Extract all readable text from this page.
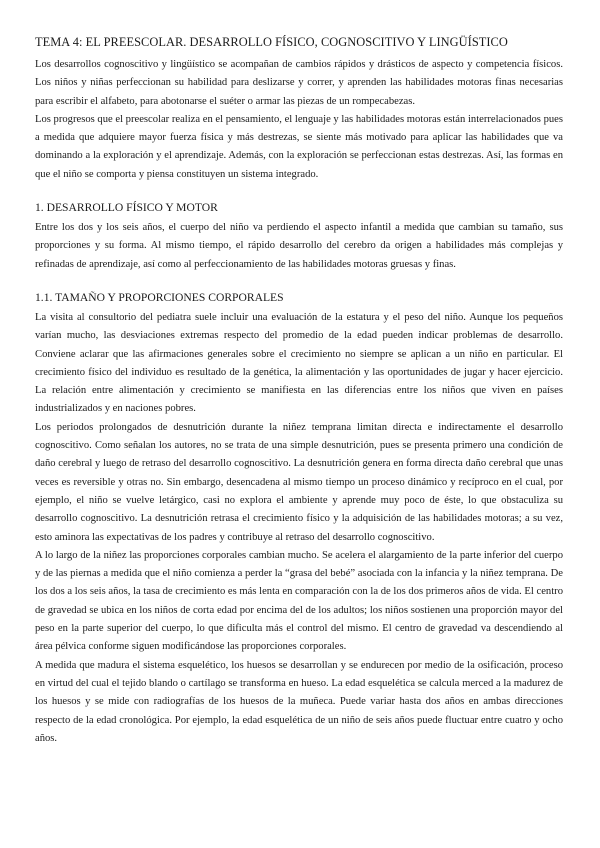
TEMA 4: EL PREESCOLAR. DESARROLLO FÍSICO, COGNOSCITIVO Y LINGÜÍSTICO

Los desarrollos cognoscitivo y lingüístico se acompañan de cambios rápidos y drásticos de aspecto y competencia físicos. Los niños y niñas perfeccionan su habilidad para deslizarse y correr, y aprenden las habilidades motoras finas necesarias para escribir el alfabeto, para abotonarse el suéter o armar las piezas de un rompecabezas.

Los progresos que el preescolar realiza en el pensamiento, el lenguaje y las habilidades motoras están interrelacionados pues a medida que adquiere mayor fuerza física y más destrezas, se siente más motivado para aplicar las habilidades que va dominando a la exploración y el aprendizaje. Además, con la exploración se perfeccionan estas destrezas. Así, las formas en que el niño se comporta y piensa constituyen un sistema integrado.

1. DESARROLLO FÍSICO Y MOTOR

Entre los dos y los seis años, el cuerpo del niño va perdiendo el aspecto infantil a medida que cambian su tamaño, sus proporciones y su forma. Al mismo tiempo, el rápido desarrollo del cerebro da origen a habilidades más complejas y refinadas de aprendizaje, así como al perfeccionamiento de las habilidades motoras gruesas y finas.

1.1. TAMAÑO Y PROPORCIONES CORPORALES

La visita al consultorio del pediatra suele incluir una evaluación de la estatura y el peso del niño. Aunque los pequeños varían mucho, las desviaciones extremas respecto del promedio de la edad pueden indicar problemas de desarrollo. Conviene aclarar que las afirmaciones generales sobre el crecimiento no siempre se aplican a un niño en particular. El crecimiento físico del individuo es resultado de la genética, la alimentación y las oportunidades de jugar y hacer ejercicio. La relación entre alimentación y crecimiento se manifiesta en las diferencias entre los niños que viven en países industrializados y en naciones pobres.

Los periodos prolongados de desnutrición durante la niñez temprana limitan directa e indirectamente el desarrollo cognoscitivo. Como señalan los autores, no se trata de una simple desnutrición, pues se presenta primero una condición de daño cerebral y luego de retraso del desarrollo cognoscitivo. La desnutrición genera en forma directa daño cerebral que unas veces es reversible y otras no. Sin embargo, desencadena al mismo tiempo un proceso dinámico y recíproco en el cual, por ejemplo, el niño se vuelve letárgico, casi no explora el ambiente y aprende muy poco de éste, lo que obstaculiza su desarrollo cognoscitivo. La desnutrición retrasa el crecimiento físico y la adquisición de las habilidades motoras; a su vez, esto aminora las expectativas de los padres y contribuye al retraso del desarrollo cognoscitivo.

A lo largo de la niñez las proporciones corporales cambian mucho. Se acelera el alargamiento de la parte inferior del cuerpo y de las piernas a medida que el niño comienza a perder la “grasa del bebé” asociada con la infancia y la niñez temprana. De los dos a los seis años, la tasa de crecimiento es más lenta en comparación con la de los dos primeros años de vida. El centro de gravedad se ubica en los niños de corta edad por encima del de los adultos; los niños sostienen una proporción mayor del peso en la parte superior del cuerpo, lo que dificulta más el control del mismo. El centro de gravedad va descendiendo al área pélvica conforme siguen modificándose las proporciones corporales.

A medida que madura el sistema esquelético, los huesos se desarrollan y se endurecen por medio de la osificación, proceso en virtud del cual el tejido blando o cartílago se transforma en hueso. La edad esquelética se calcula merced a la madurez de los huesos y se mide con radiografías de los huesos de la muñeca. Puede variar hasta dos años en ambas direcciones respecto de la edad cronológica. Por ejemplo, la edad esquelética de un niño de seis años puede fluctuar entre cuatro y ocho años.
